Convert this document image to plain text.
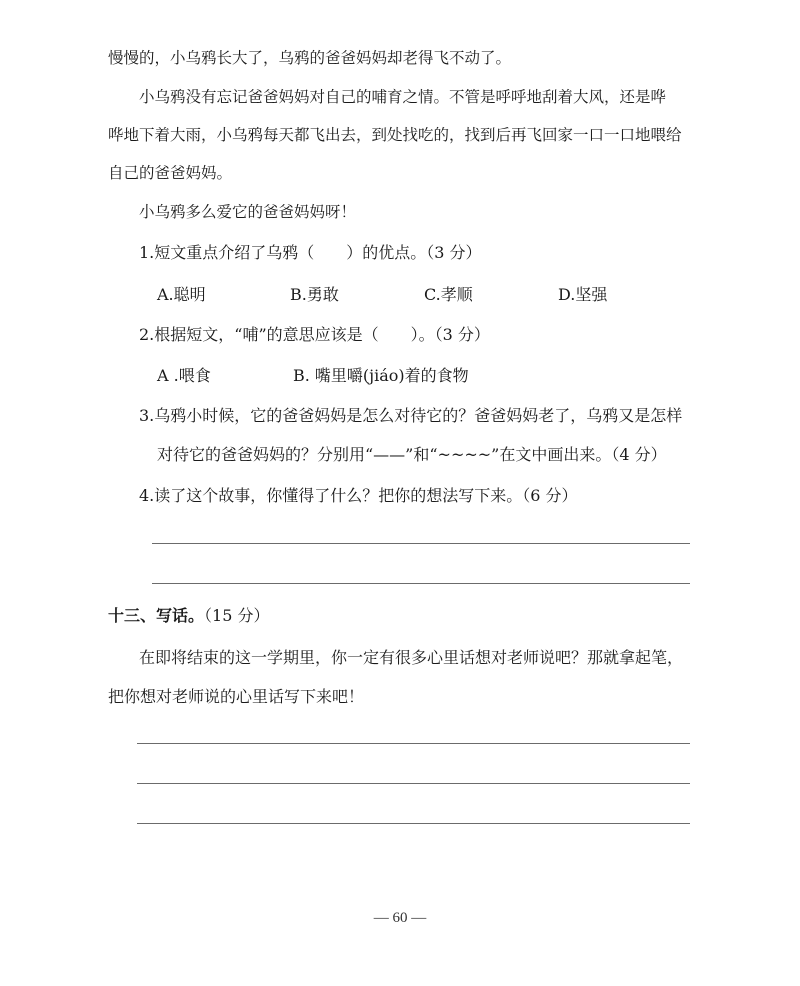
慢慢的，小乌鸦长大了，乌鸦的爸爸妈妈却老得飞不动了。
小乌鸦没有忘记爸爸妈妈对自己的哺育之情。不管是呼呼地刮着大风，还是哗
哗地下着大雨，小乌鸦每天都飞出去，到处找吃的，找到后再飞回家一口一口地喂给
自己的爸爸妈妈。
小乌鸦多么爱它的爸爸妈妈呀！
1.短文重点介绍了乌鸦（　　）的优点。（3 分）
A.聪明	B.勇敢	C.孝顺	D.坚强
2.根据短文，“哺”的意思应该是（　　）。（3 分）
A .喂食	B. 嘴里嚼(jiáo)着的食物
3.乌鸦小时候，它的爸爸妈妈是怎么对待它的？爸爸妈妈老了，乌鸦又是怎样
对待它的爸爸妈妈的？分别用“——”和“~~~~”在文中画出来。（4 分）
4.读了这个故事，你懂得了什么？把你的想法写下来。（6 分）
十三、写话。（15 分）
在即将结束的这一学期里，你一定有很多心里话想对老师说吧？那就拿起笔，
把你想对老师说的心里话写下来吧！
— 60 —
